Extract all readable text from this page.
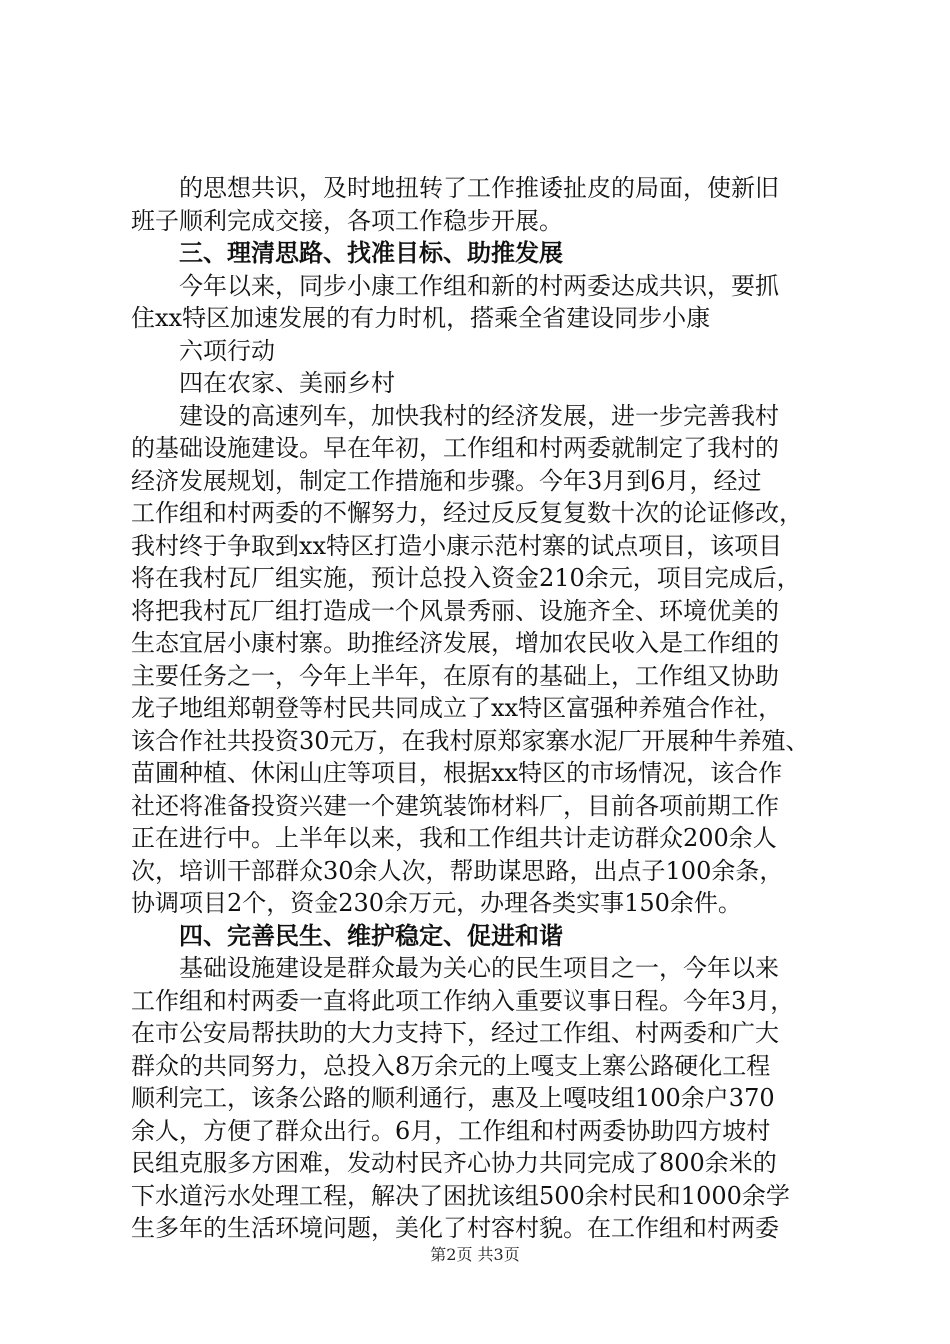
的思想共识，及时地扭转了工作推诿扯皮的局面，使新旧
班子顺利完成交接，各项工作稳步开展。
三、理清思路、找准目标、助推发展
今年以来，同步小康工作组和新的村两委达成共识，要抓
住xx特区加速发展的有力时机，搭乘全省建设同步小康
六项行动
四在农家、美丽乡村
建设的高速列车，加快我村的经济发展，进一步完善我村
的基础设施建设。早在年初，工作组和村两委就制定了我村的
经济发展规划，制定工作措施和步骤。今年3月到6月，经过
工作组和村两委的不懈努力，经过反反复复数十次的论证修改，
我村终于争取到xx特区打造小康示范村寨的试点项目，该项目
将在我村瓦厂组实施，预计总投入资金210余元，项目完成后，
将把我村瓦厂组打造成一个风景秀丽、设施齐全、环境优美的
生态宜居小康村寨。助推经济发展，增加农民收入是工作组的
主要任务之一，今年上半年，在原有的基础上，工作组又协助
龙子地组郑朝登等村民共同成立了xx特区富强种养殖合作社，
该合作社共投资30元万，在我村原郑家寨水泥厂开展种牛养殖、
苗圃种植、休闲山庄等项目，根据xx特区的市场情况，该合作
社还将准备投资兴建一个建筑装饰材料厂，目前各项前期工作
正在进行中。上半年以来，我和工作组共计走访群众200余人
次，培训干部群众30余人次，帮助谋思路，出点子100余条，
协调项目2个，资金230余万元，办理各类实事150余件。
四、完善民生、维护稳定、促进和谐
基础设施建设是群众最为关心的民生项目之一，今年以来
工作组和村两委一直将此项工作纳入重要议事日程。今年3月，
在市公安局帮扶助的大力支持下，经过工作组、村两委和广大
群众的共同努力，总投入8万余元的上嘎支上寨公路硬化工程
顺利完工，该条公路的顺利通行，惠及上嘎吱组100余户370
余人，方便了群众出行。6月，工作组和村两委协助四方坡村
民组克服多方困难，发动村民齐心协力共同完成了800余米的
下水道污水处理工程，解决了困扰该组500余村民和1000余学
生多年的生活环境问题，美化了村容村貌。在工作组和村两委
第2页 共3页
